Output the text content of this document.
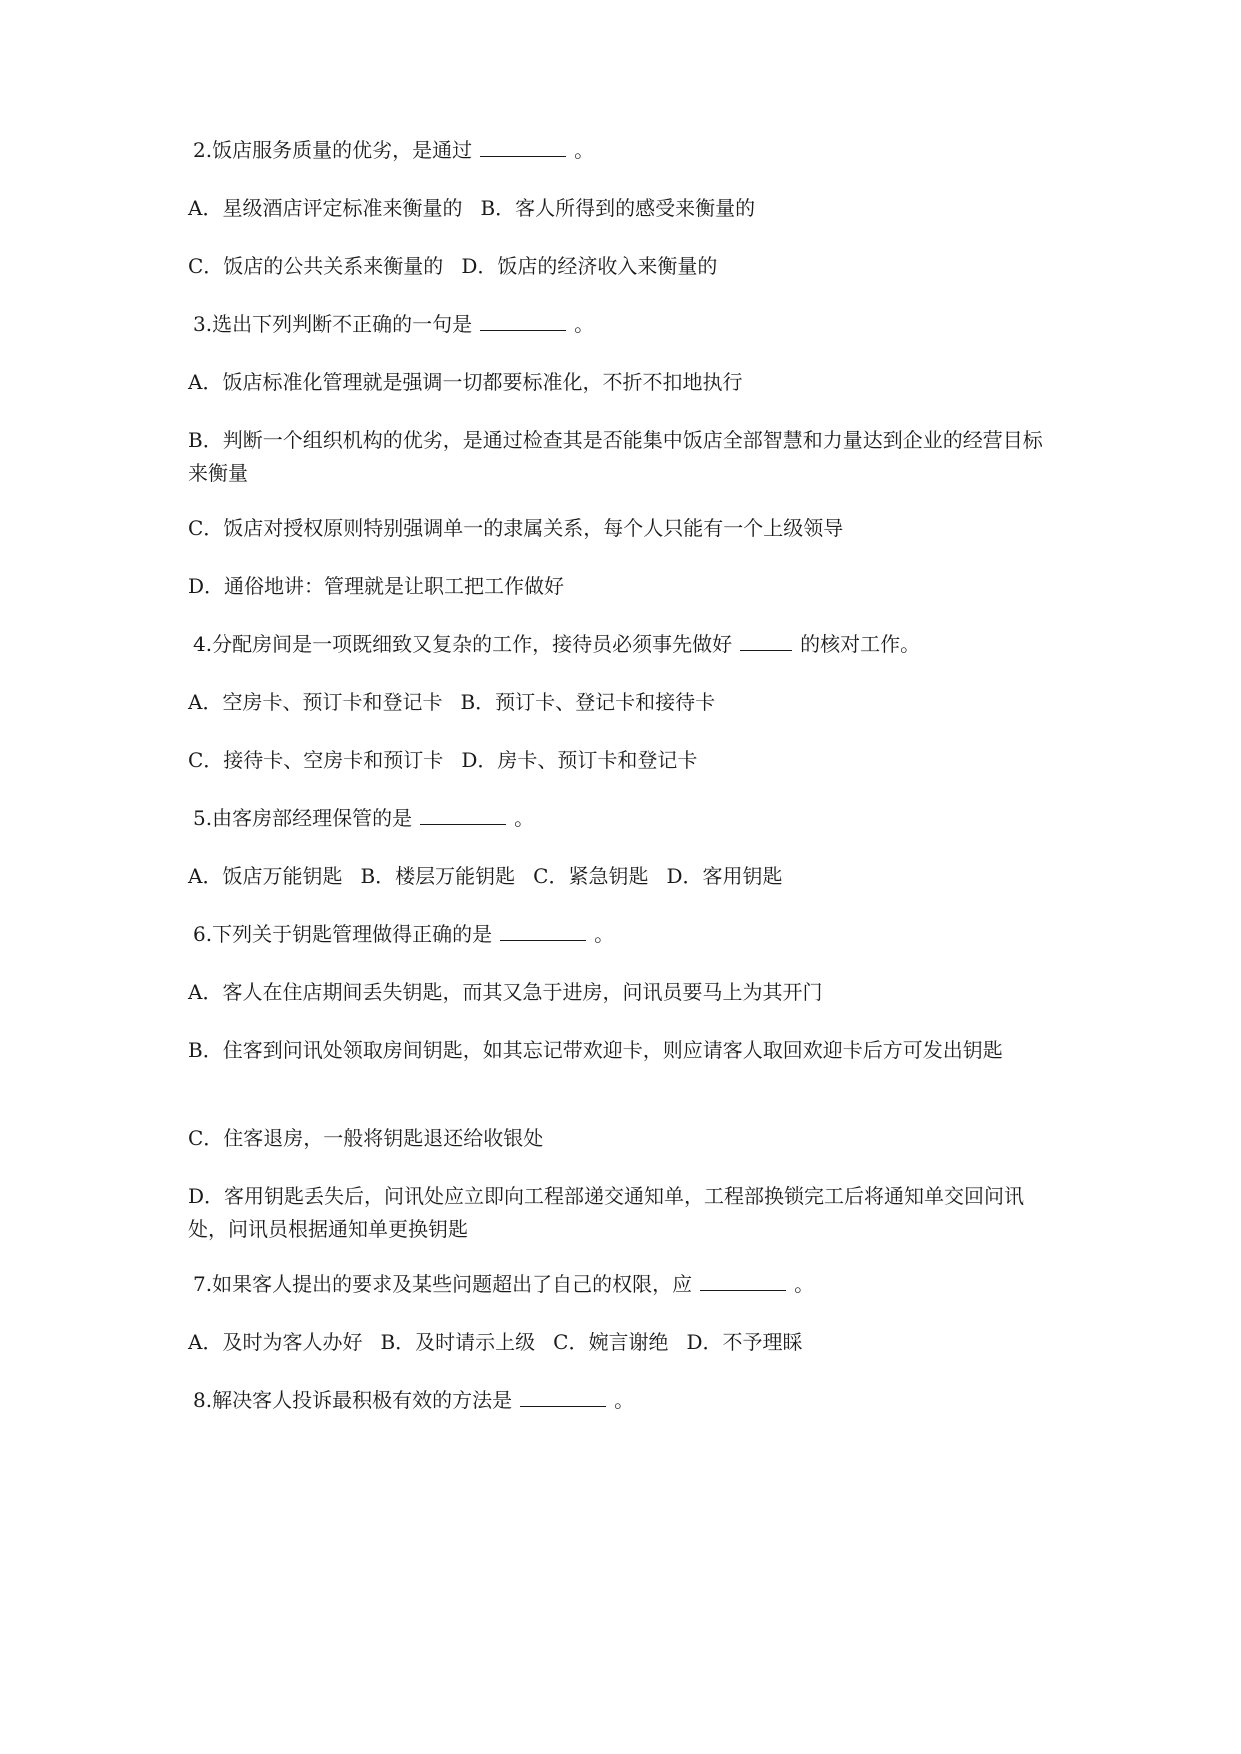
2.饭店服务质量的优劣，是通过	。
A．星级酒店评定标准来衡量的 B．客人所得到的感受来衡量的
C．饭店的公共关系来衡量的 D．饭店的经济收入来衡量的
3.选出下列判断不正确的一句是	。
A．饭店标准化管理就是强调一切都要标准化，不折不扣地执行
B．判断一个组织机构的优劣，是通过检查其是否能集中饭店全部智慧和力量达到企业的经营目标来衡量
C．饭店对授权原则特别强调单一的隶属关系，每个人只能有一个上级领导
D．通俗地讲：管理就是让职工把工作做好
4.分配房间是一项既细致又复杂的工作，接待员必须事先做好	的核对工作。
A．空房卡、预订卡和登记卡 B．预订卡、登记卡和接待卡
C．接待卡、空房卡和预订卡 D．房卡、预订卡和登记卡
5.由客房部经理保管的是	。
A．饭店万能钥匙 B．楼层万能钥匙 C．紧急钥匙 D．客用钥匙
6.下列关于钥匙管理做得正确的是	。
A．客人在住店期间丢失钥匙，而其又急于进房，问讯员要马上为其开门
B．住客到问讯处领取房间钥匙，如其忘记带欢迎卡，则应请客人取回欢迎卡后方可发出钥匙
C．住客退房，一般将钥匙退还给收银处
D．客用钥匙丢失后，问讯处应立即向工程部递交通知单，工程部换锁完工后将通知单交回问讯处，问讯员根据通知单更换钥匙
7.如果客人提出的要求及某些问题超出了自己的权限，应	。
A．及时为客人办好 B．及时请示上级 C．婉言谢绝 D．不予理睬
8.解决客人投诉最积极有效的方法是	。
